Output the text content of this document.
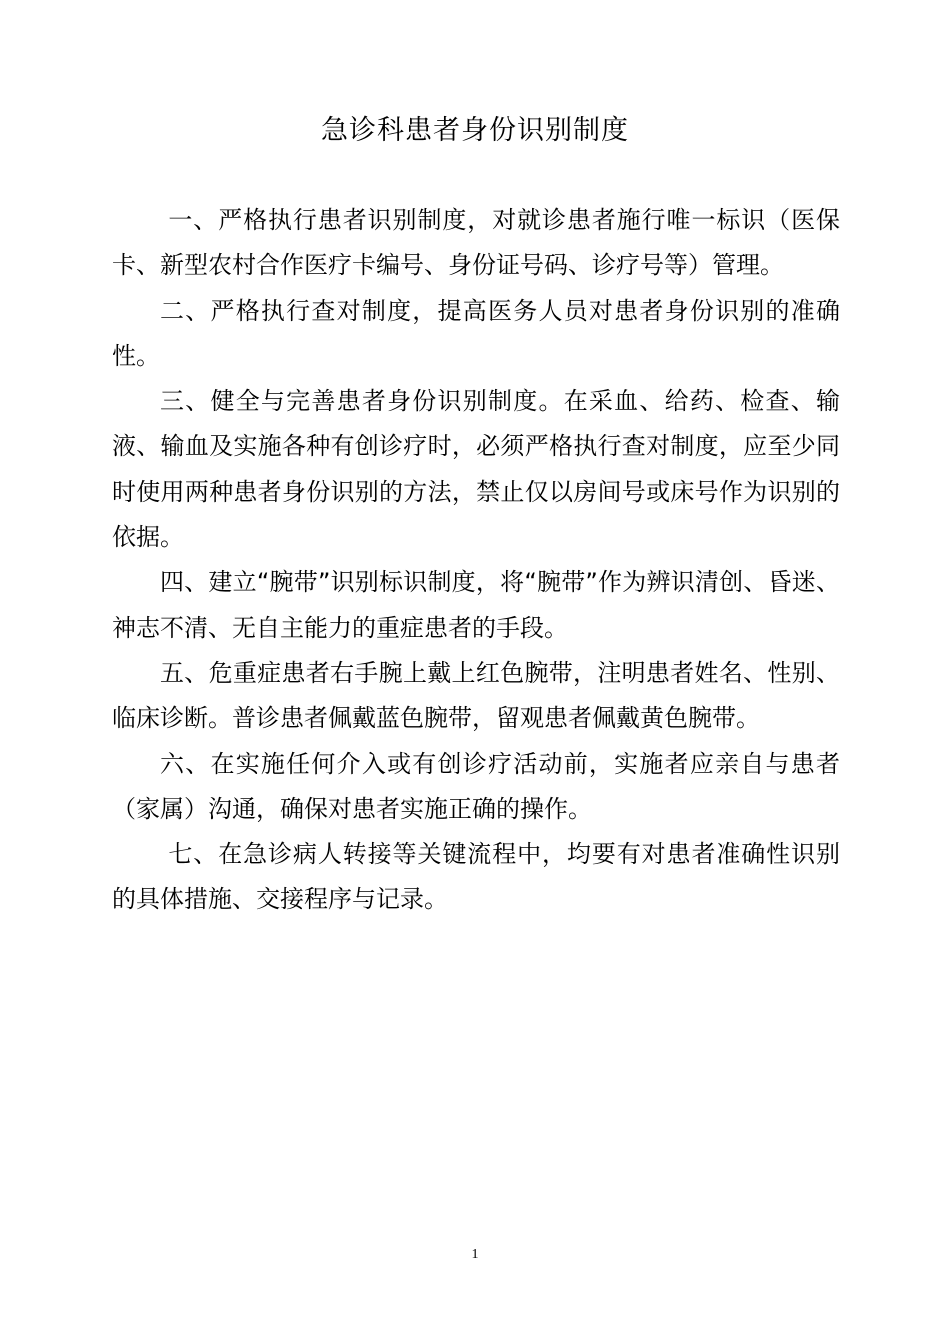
急诊科患者身份识别制度

一、严格执行患者识别制度，对就诊患者施行唯一标识（医保卡、新型农村合作医疗卡编号、身份证号码、诊疗号等）管理。

二、严格执行查对制度，提高医务人员对患者身份识别的准确性。

三、健全与完善患者身份识别制度。在采血、给药、检查、输液、输血及实施各种有创诊疗时，必须严格执行查对制度，应至少同时使用两种患者身份识别的方法，禁止仅以房间号或床号作为识别的依据。

四、建立“腕带”识别标识制度，将“腕带”作为辨识清创、昏迷、神志不清、无自主能力的重症患者的手段。

五、危重症患者右手腕上戴上红色腕带，注明患者姓名、性别、临床诊断。普诊患者佩戴蓝色腕带，留观患者佩戴黄色腕带。

六、在实施任何介入或有创诊疗活动前，实施者应亲自与患者（家属）沟通，确保对患者实施正确的操作。

七、在急诊病人转接等关键流程中，均要有对患者准确性识别的具体措施、交接程序与记录。

1
